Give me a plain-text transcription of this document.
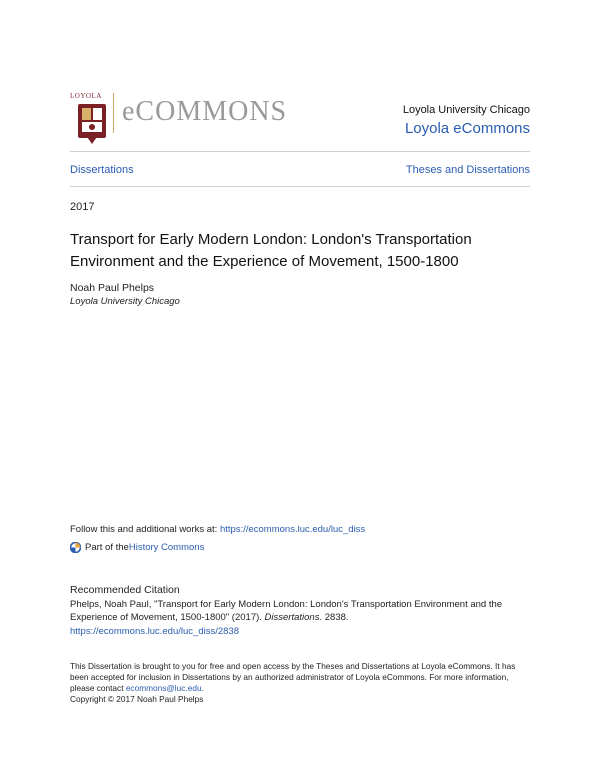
LOYOLA eCOMMONS	Loyola University Chicago
Loyola eCommons
Dissertations	Theses and Dissertations
2017
Transport for Early Modern London: London's Transportation Environment and the Experience of Movement, 1500-1800
Noah Paul Phelps
Loyola University Chicago
Follow this and additional works at: https://ecommons.luc.edu/luc_diss
Part of the History Commons
Recommended Citation
Phelps, Noah Paul, "Transport for Early Modern London: London's Transportation Environment and the Experience of Movement, 1500-1800" (2017). Dissertations. 2838.
https://ecommons.luc.edu/luc_diss/2838
This Dissertation is brought to you for free and open access by the Theses and Dissertations at Loyola eCommons. It has been accepted for inclusion in Dissertations by an authorized administrator of Loyola eCommons. For more information, please contact ecommons@luc.edu.
Copyright © 2017 Noah Paul Phelps
